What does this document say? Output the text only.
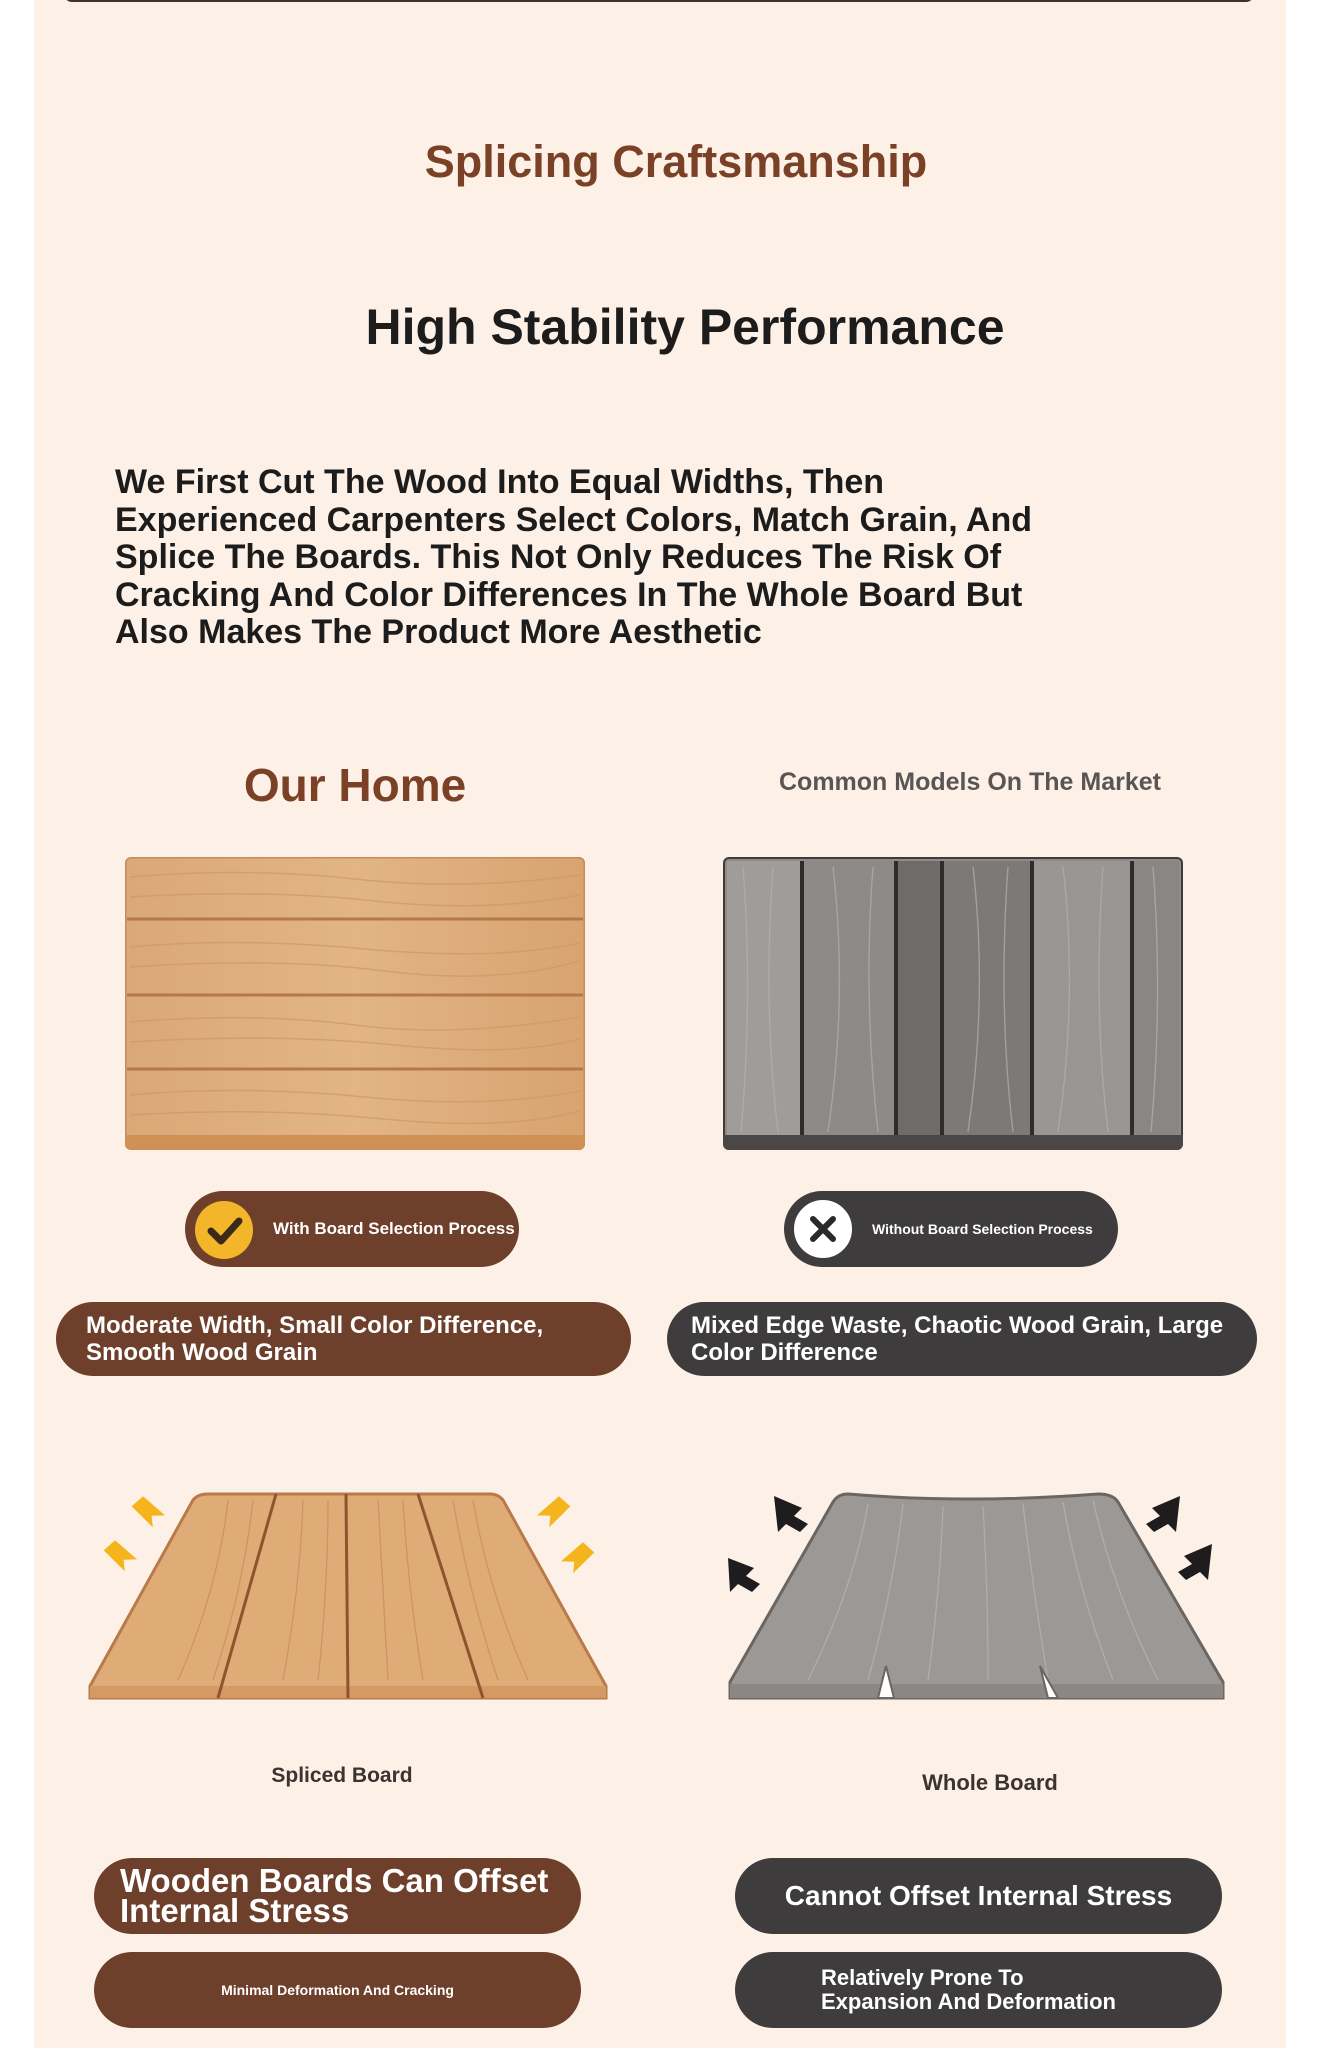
Splicing Craftsmanship
High Stability Performance
We First Cut The Wood Into Equal Widths, Then Experienced Carpenters Select Colors, Match Grain, And Splice The Boards. This Not Only Reduces The Risk Of Cracking And Color Differences In The Whole Board But Also Makes The Product More Aesthetic
Our Home	Common Models On The Market
With Board Selection Process	Without Board Selection Process
Moderate Width, Small Color Difference, Smooth Wood Grain
Mixed Edge Waste, Chaotic Wood Grain, Large Color Difference
Spliced Board	Whole Board
Wooden Boards Can Offset Internal Stress
Minimal Deformation And Cracking
Cannot Offset Internal Stress
Relatively Prone To Expansion And Deformation
